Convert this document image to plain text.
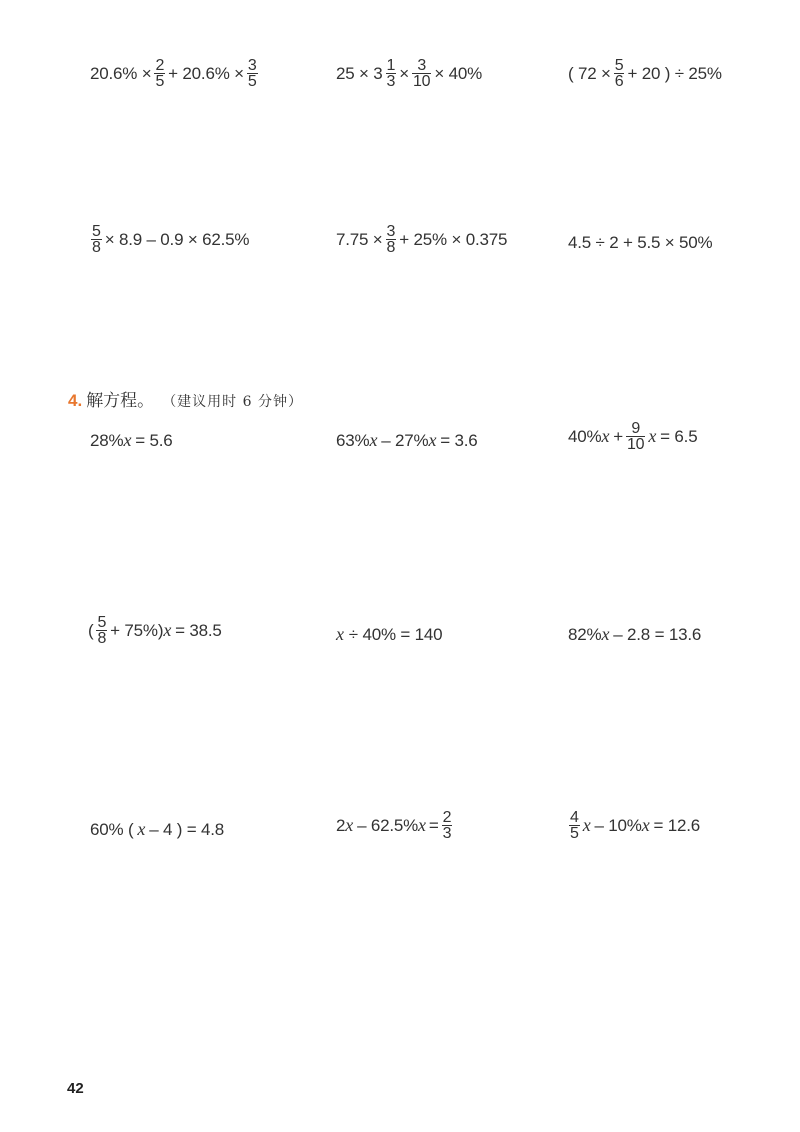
$20.6\% \times \frac{2}{5} + 20.6\% \times \frac{3}{5}$	$25 \times 3 \frac{1}{3} \times \frac{3}{10} \times 40\%$	( $72 \times \frac{5}{6} + 20$ ) ÷ 25%
$\frac{5}{8} \times 8.9 - 0.9 \times 62.5\%$	$7.75 \times \frac{3}{8} + 25\% \times 0.375$	4.5 ÷ 2 + 5.5 × 50%
4. 解方程。 （建议用时 6 分钟）
28% x = 5.6	63% x – 27% x = 3.6	40% $x + \frac{9}{10}$ x = 6.5
( $\frac{5}{8} + 75\%$) x = 38.5	x ÷ 40% = 140	82% x – 2.8 = 13.6
60% ( x – 4 ) = 4.8	2 x – 62.5% $x = \frac{2}{3}$	$\frac{4}{5}$ x – 10% x = 12.6
42
